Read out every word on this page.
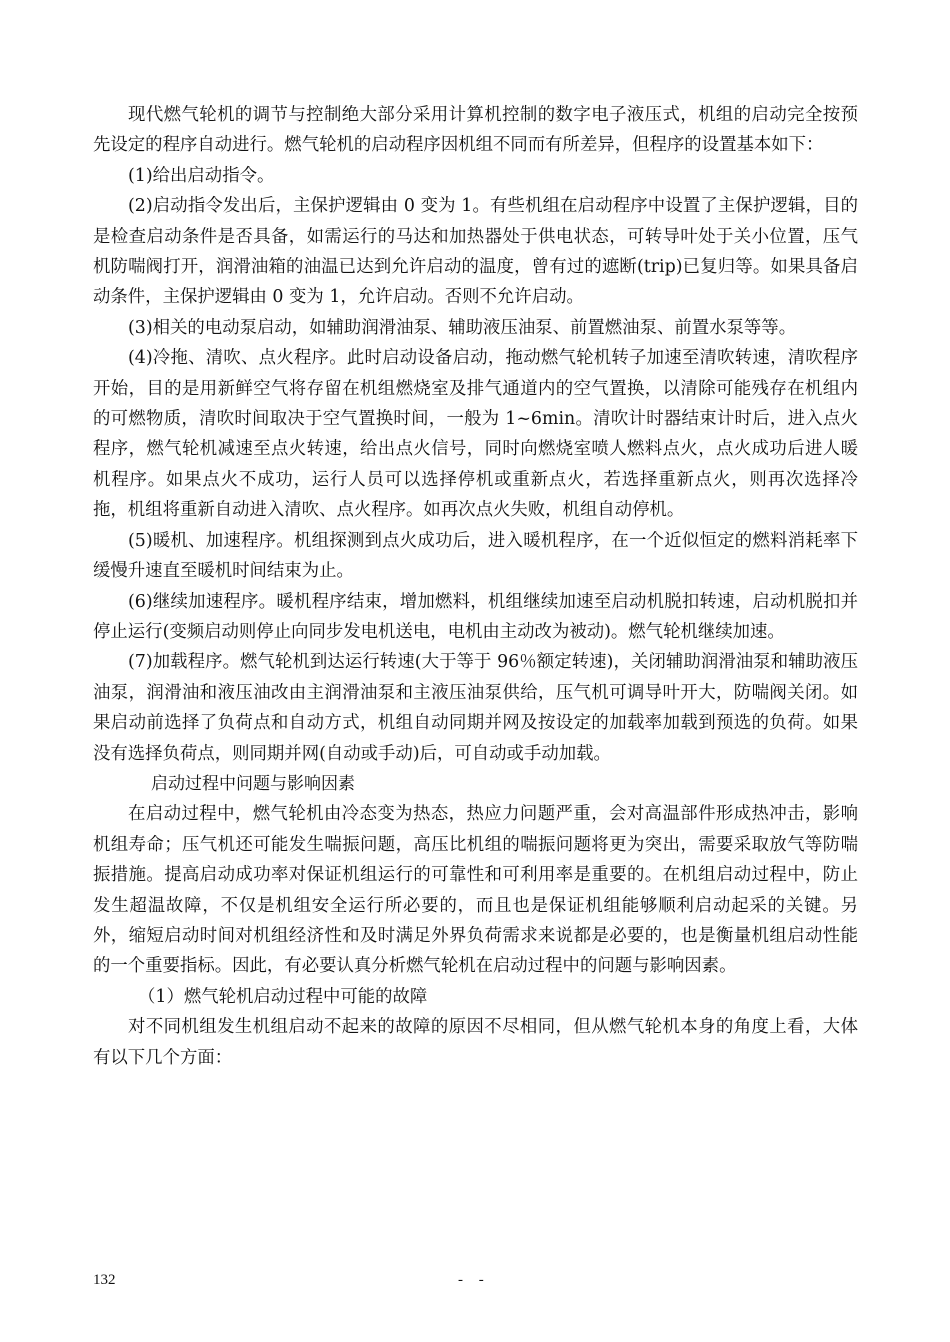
现代燃气轮机的调节与控制绝大部分采用计算机控制的数字电子液压式，机组的启动完全按预先设定的程序自动进行。燃气轮机的启动程序因机组不同而有所差异，但程序的设置基本如下：

(1)给出启动指令。

(2)启动指令发出后，主保护逻辑由 0 变为 1。有些机组在启动程序中设置了主保护逻辑，目的是检查启动条件是否具备，如需运行的马达和加热器处于供电状态，可转导叶处于关小位置，压气机防喘阀打开，润滑油箱的油温已达到允许启动的温度，曾有过的遮断(trip)已复归等。如果具备启动条件，主保护逻辑由 0 变为 1，允许启动。否则不允许启动。

(3)相关的电动泵启动，如辅助润滑油泵、辅助液压油泵、前置燃油泵、前置水泵等等。

(4)冷拖、清吹、点火程序。此时启动设备启动，拖动燃气轮机转子加速至清吹转速，清吹程序开始，目的是用新鲜空气将存留在机组燃烧室及排气通道内的空气置换，以清除可能残存在机组内的可燃物质，清吹时间取决于空气置换时间，一般为 1~6min。清吹计时器结束计时后，进入点火程序，燃气轮机减速至点火转速，给出点火信号，同时向燃烧室喷人燃料点火，点火成功后进人暖机程序。如果点火不成功，运行人员可以选择停机或重新点火，若选择重新点火，则再次选择冷拖，机组将重新自动进入清吹、点火程序。如再次点火失败，机组自动停机。

(5)暖机、加速程序。机组探测到点火成功后，进入暖机程序，在一个近似恒定的燃料消耗率下缓慢升速直至暖机时间结束为止。

(6)继续加速程序。暖机程序结束，增加燃料，机组继续加速至启动机脱扣转速，启动机脱扣并停止运行(变频启动则停止向同步发电机送电，电机由主动改为被动)。燃气轮机继续加速。

(7)加载程序。燃气轮机到达运行转速(大于等于 96％额定转速)，关闭辅助润滑油泵和辅助液压油泵，润滑油和液压油改由主润滑油泵和主液压油泵供给，压气机可调导叶开大，防喘阀关闭。如果启动前选择了负荷点和自动方式，机组自动同期并网及按设定的加载率加载到预选的负荷。如果没有选择负荷点，则同期并网(自动或手动)后，可自动或手动加载。

启动过程中问题与影响因素

在启动过程中，燃气轮机由冷态变为热态，热应力问题严重，会对高温部件形成热冲击，影响机组寿命；压气机还可能发生喘振问题，高压比机组的喘振问题将更为突出，需要采取放气等防喘振措施。提高启动成功率对保证机组运行的可靠性和可利用率是重要的。在机组启动过程中，防止发生超温故障，不仅是机组安全运行所必要的，而且也是保证机组能够顺利启动起采的关键。另外，缩短启动时间对机组经济性和及时满足外界负荷需求来说都是必要的，也是衡量机组启动性能的一个重要指标。因此，有必要认真分析燃气轮机在启动过程中的问题与影响因素。

（1）燃气轮机启动过程中可能的故障

对不同机组发生机组启动不起来的故障的原因不尽相同，但从燃气轮机本身的角度上看，大体有以下几个方面：

132	- -
